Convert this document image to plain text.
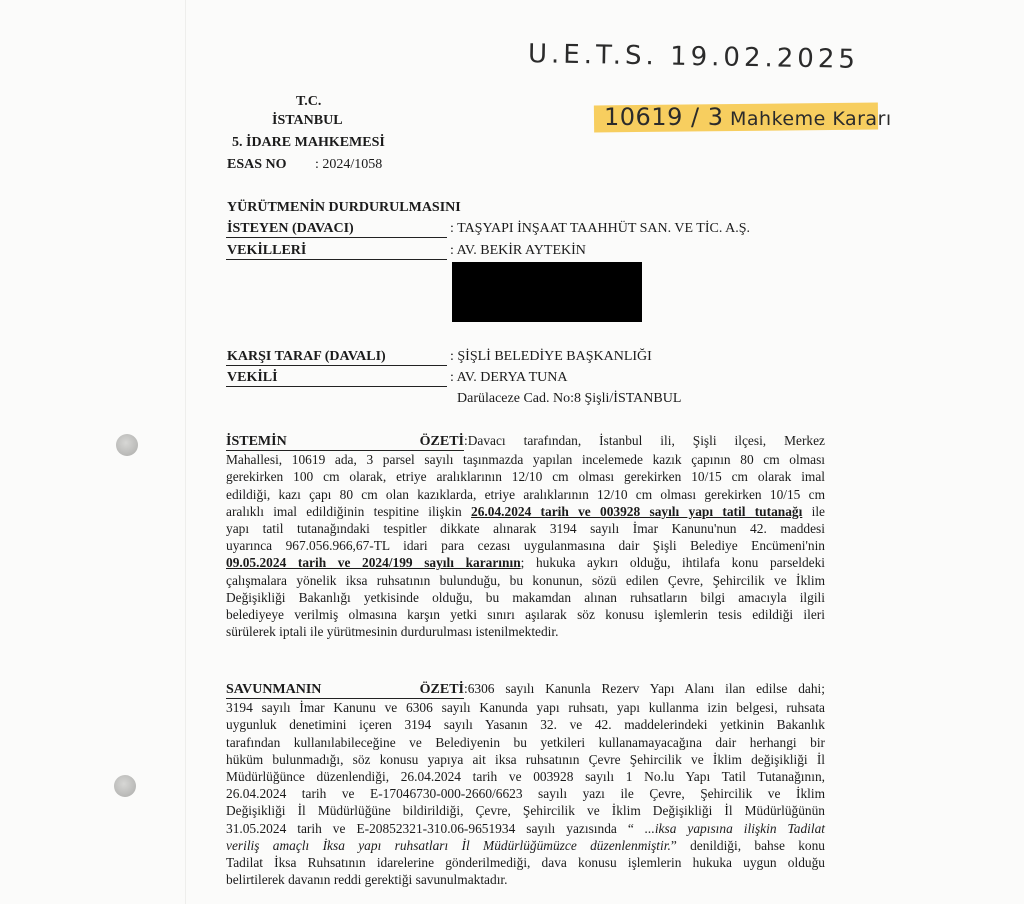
U.E.T.S. 19.02.2025
10619 / 3 Mahkeme Kararı
T.C.
İSTANBUL
5. İDARE MAHKEMESİ
ESAS NO : 2024/1058
YÜRÜTMENİN DURDURULMASINI
İSTEYEN (DAVACI)	: TAŞYAPI İNŞAAT TAAHHÜT SAN. VE TİC. A.Ş.
VEKİLLERİ	: AV. BEKİR AYTEKİN
KARŞI TARAF (DAVALI)	: ŞİŞLİ BELEDİYE BAŞKANLIĞI
VEKİLİ	: AV. DERYA TUNA
Darülaceze Cad. No:8 Şişli/İSTANBUL
İSTEMİN ÖZETİ:Davacı tarafından, İstanbul ili, Şişli ilçesi, Merkez
Mahallesi, 10619 ada, 3 parsel sayılı taşınmazda yapılan incelemede kazık çapının 80 cm olması
gerekirken 100 cm olarak, etriye aralıklarının 12/10 cm olması gerekirken 10/15 cm olarak imal
edildiği, kazı çapı 80 cm olan kazıklarda, etriye aralıklarının 12/10 cm olması gerekirken 10/15 cm
aralıklı imal edildiğinin tespitine ilişkin 26.04.2024 tarih ve 003928 sayılı yapı tatil tutanağı ile
yapı tatil tutanağındaki tespitler dikkate alınarak 3194 sayılı İmar Kanunu'nun 42. maddesi
uyarınca 967.056.966,67-TL idari para cezası uygulanmasına dair Şişli Belediye Encümeni'nin
09.05.2024 tarih ve 2024/199 sayılı kararının; hukuka aykırı olduğu, ihtilafa konu parseldeki
çalışmalara yönelik iksa ruhsatının bulunduğu, bu konunun, sözü edilen Çevre, Şehircilik ve İklim
Değişikliği Bakanlığı yetkisinde olduğu, bu makamdan alınan ruhsatların bilgi amacıyla ilgili
belediyeye verilmiş olmasına karşın yetki sınırı aşılarak söz konusu işlemlerin tesis edildiği ileri
sürülerek iptali ile yürütmesinin durdurulması istenilmektedir.
SAVUNMANIN ÖZETİ:6306 sayılı Kanunla Rezerv Yapı Alanı ilan edilse dahi;
3194 sayılı İmar Kanunu ve 6306 sayılı Kanunda yapı ruhsatı, yapı kullanma izin belgesi, ruhsata
uygunluk denetimini içeren 3194 sayılı Yasanın 32. ve 42. maddelerindeki yetkinin Bakanlık
tarafından kullanılabileceğine ve Belediyenin bu yetkileri kullanamayacağına dair herhangi bir
hüküm bulunmadığı, söz konusu yapıya ait iksa ruhsatının Çevre Şehircilik ve İklim değişikliği İl
Müdürlüğünce düzenlendiği, 26.04.2024 tarih ve 003928 sayılı 1 No.lu Yapı Tatil Tutanağının,
26.04.2024 tarih ve E-17046730-000-2660/6623 sayılı yazı ile Çevre, Şehircilik ve İklim
Değişikliği İl Müdürlüğüne bildirildiği, Çevre, Şehircilik ve İklim Değişikliği İl Müdürlüğünün
31.05.2024 tarih ve E-20852321-310.06-9651934 sayılı yazısında “ ...iksa yapısına ilişkin Tadilat
veriliş amaçlı İksa yapı ruhsatları İl Müdürlüğümüzce düzenlenmiştir.” denildiği, bahse konu
Tadilat İksa Ruhsatının idarelerine gönderilmediği, dava konusu işlemlerin hukuka uygun olduğu
belirtilerek davanın reddi gerektiği savunulmaktadır.
